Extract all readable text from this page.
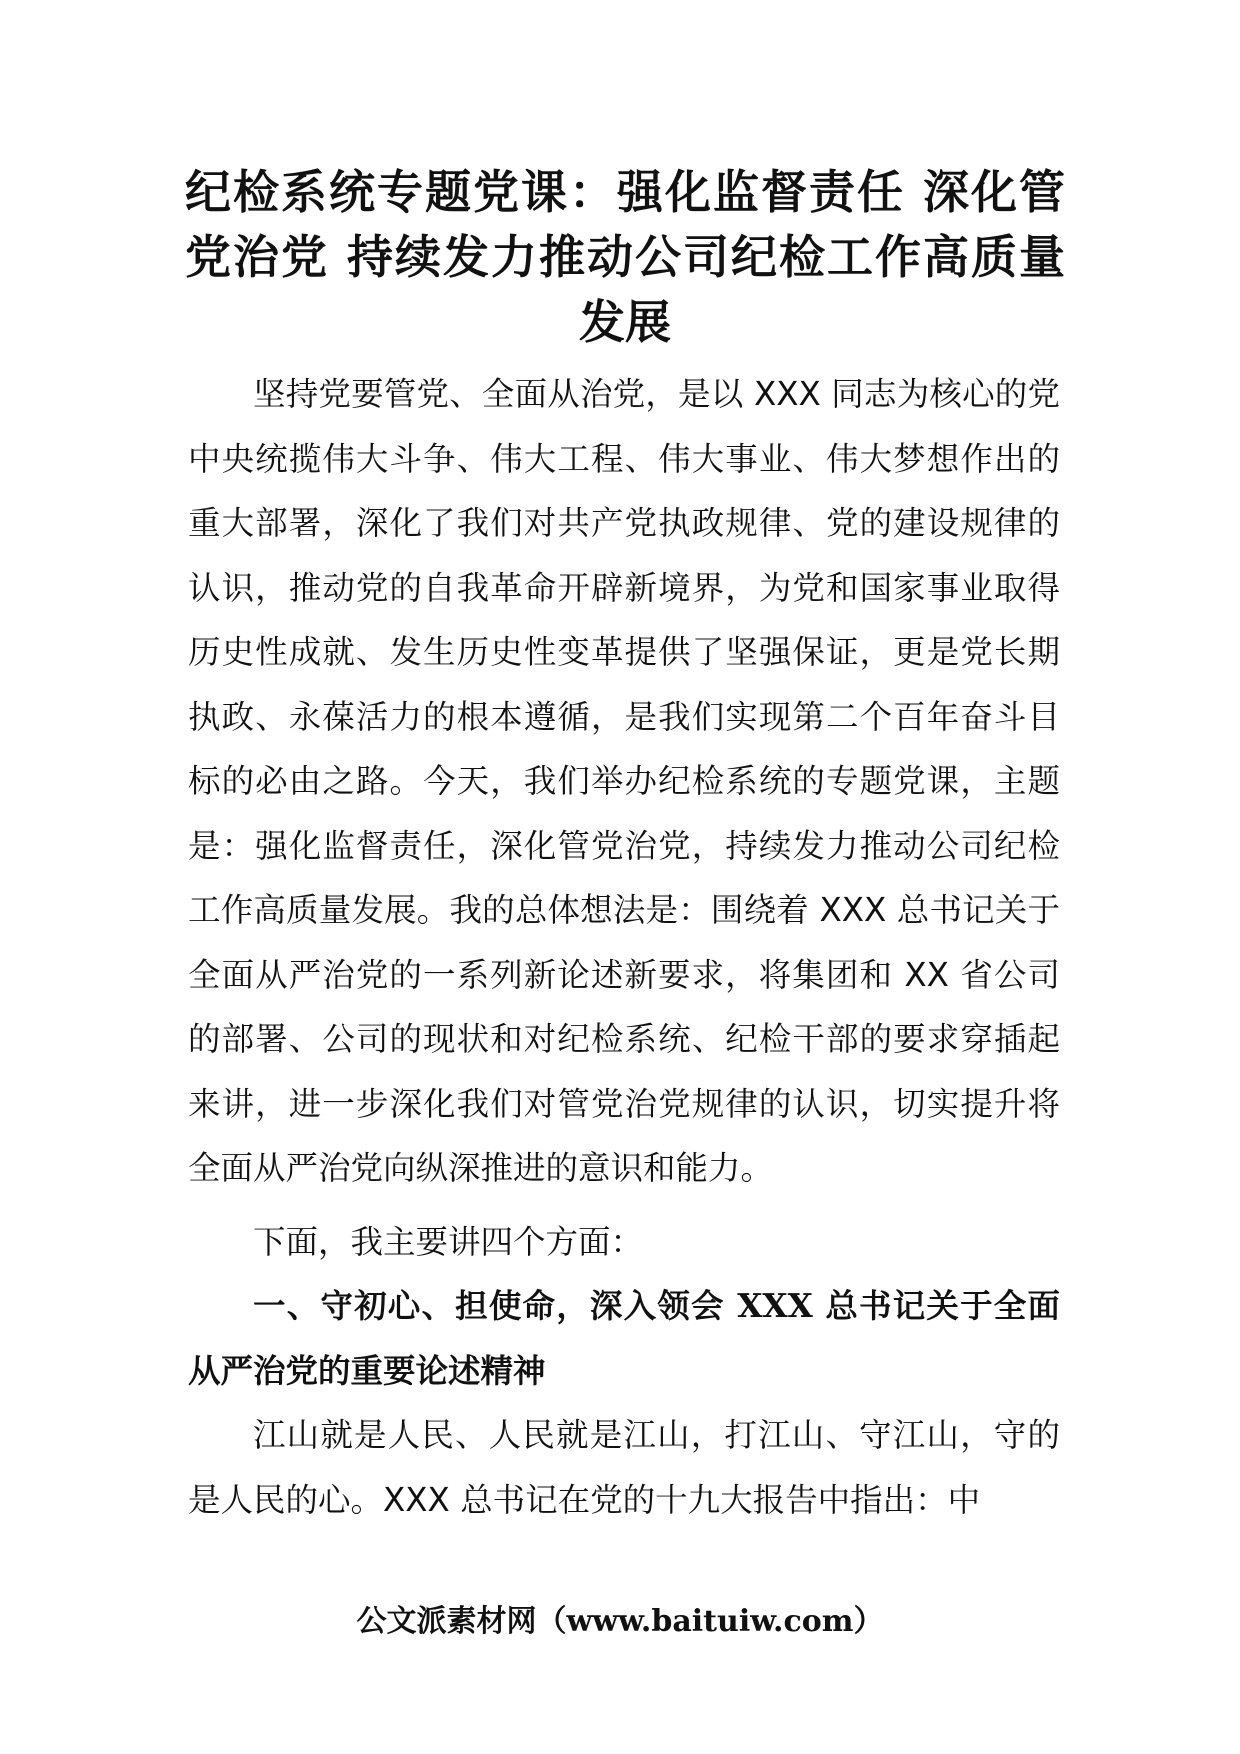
纪检系统专题党课：强化监督责任 深化管党治党 持续发力推动公司纪检工作高质量发展

坚持党要管党、全面从治党，是以 XXX 同志为核心的党中央统揽伟大斗争、伟大工程、伟大事业、伟大梦想作出的重大部署，深化了我们对共产党执政规律、党的建设规律的认识，推动党的自我革命开辟新境界，为党和国家事业取得历史性成就、发生历史性变革提供了坚强保证，更是党长期执政、永葆活力的根本遵循，是我们实现第二个百年奋斗目标的必由之路。今天，我们举办纪检系统的专题党课，主题是：强化监督责任，深化管党治党，持续发力推动公司纪检工作高质量发展。我的总体想法是：围绕着 XXX 总书记关于全面从严治党的一系列新论述新要求，将集团和 XX 省公司的部署、公司的现状和对纪检系统、纪检干部的要求穿插起来讲，进一步深化我们对管党治党规律的认识，切实提升将全面从严治党向纵深推进的意识和能力。

下面，我主要讲四个方面：

一、守初心、担使命，深入领会 XXX 总书记关于全面从严治党的重要论述精神

江山就是人民、人民就是江山，打江山、守江山，守的是人民的心。XXX 总书记在党的十九大报告中指出：中

公文派素材网（www.baituiw.com）
